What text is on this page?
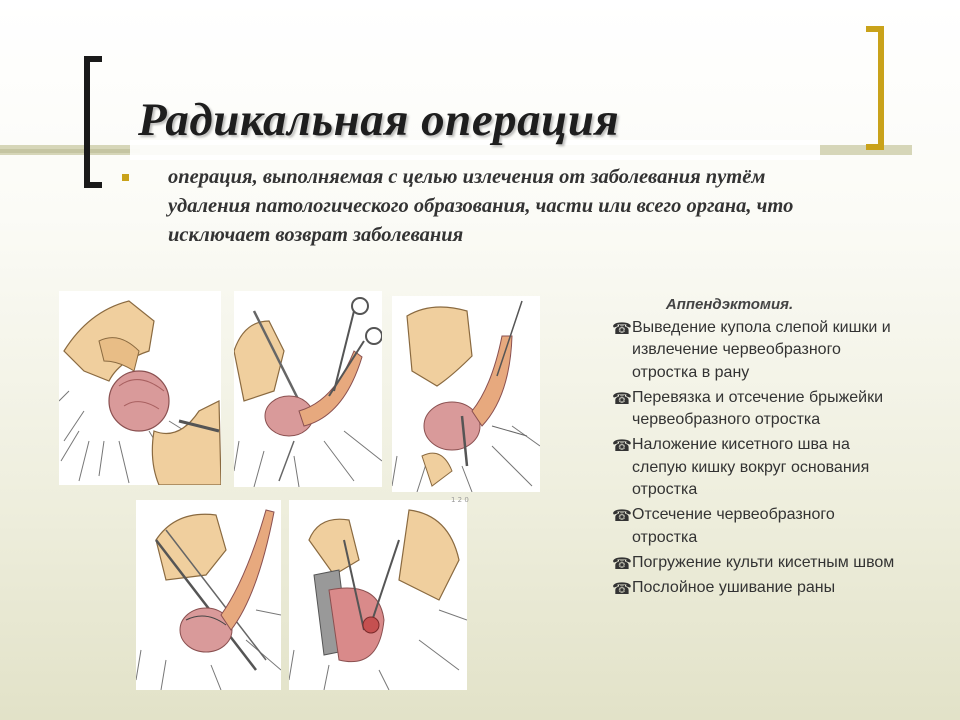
Радикальная операция

операция, выполняемая с целью излечения от заболевания путём удаления патологического образования, части или всего органа, что исключает возврат заболевания

1 2 0

Аппендэктомия.

☎ Выведение купола слепой кишки и извлечение червеобразного отростка в рану
☎ Перевязка и отсечение брыжейки червеобразного отростка
☎ Наложение кисетного шва на слепую кишку вокруг основания отростка
☎ Отсечение червеобразного отростка
☎ Погружение культи кисетным швом
☎ Послойное ушивание раны
